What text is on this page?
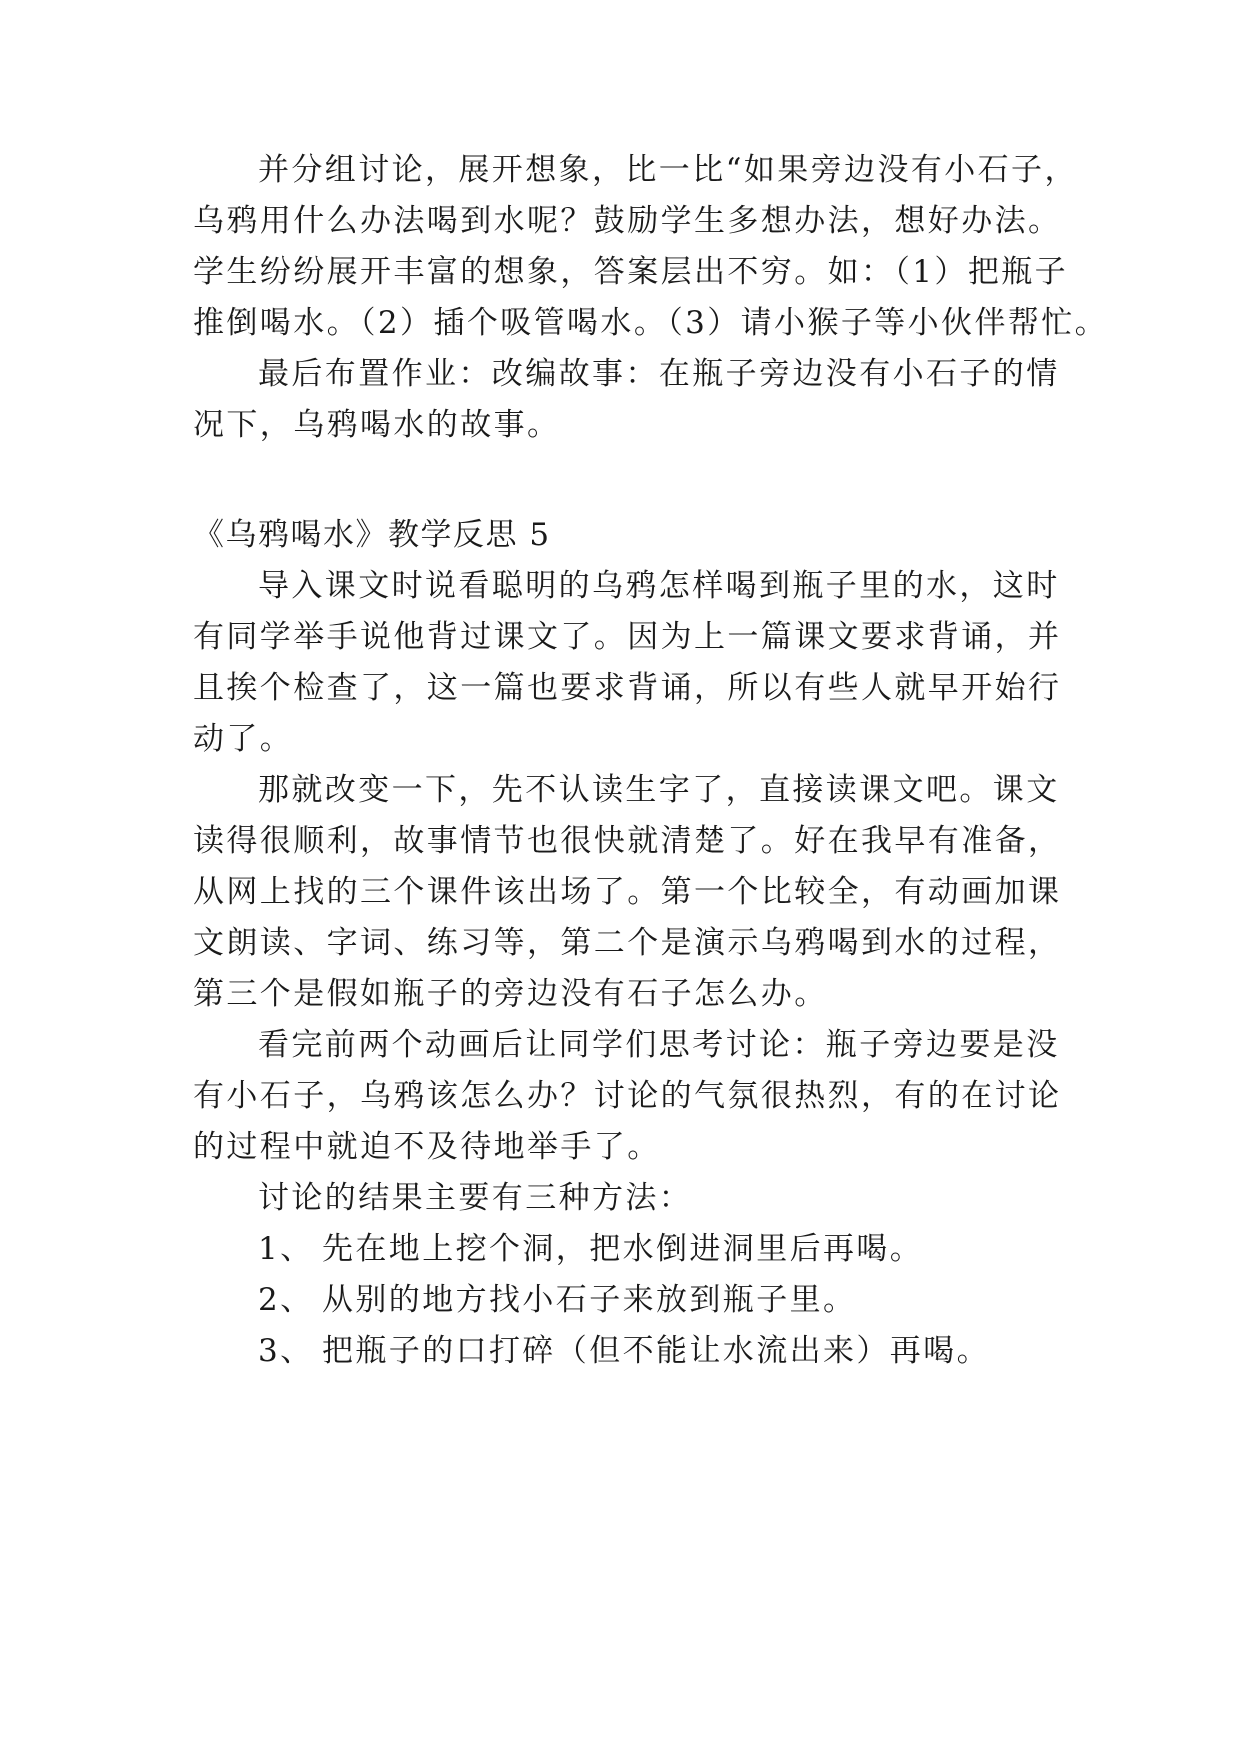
并分组讨论，展开想象，比一比“如果旁边没有小石子，
乌鸦用什么办法喝到水呢？鼓励学生多想办法，想好办法。
学生纷纷展开丰富的想象，答案层出不穷。如：（1）把瓶子
推倒喝水。（2）插个吸管喝水。（3）请小猴子等小伙伴帮忙。
最后布置作业：改编故事：在瓶子旁边没有小石子的情
况下，乌鸦喝水的故事。
《乌鸦喝水》教学反思 5
导入课文时说看聪明的乌鸦怎样喝到瓶子里的水，这时
有同学举手说他背过课文了。因为上一篇课文要求背诵，并
且挨个检查了，这一篇也要求背诵，所以有些人就早开始行
动了。
那就改变一下，先不认读生字了，直接读课文吧。课文
读得很顺利，故事情节也很快就清楚了。好在我早有准备，
从网上找的三个课件该出场了。第一个比较全，有动画加课
文朗读、字词、练习等，第二个是演示乌鸦喝到水的过程，
第三个是假如瓶子的旁边没有石子怎么办。
看完前两个动画后让同学们思考讨论：瓶子旁边要是没
有小石子，乌鸦该怎么办？讨论的气氛很热烈，有的在讨论
的过程中就迫不及待地举手了。
讨论的结果主要有三种方法：
1、 先在地上挖个洞，把水倒进洞里后再喝。
2、 从别的地方找小石子来放到瓶子里。
3、 把瓶子的口打碎（但不能让水流出来）再喝。
